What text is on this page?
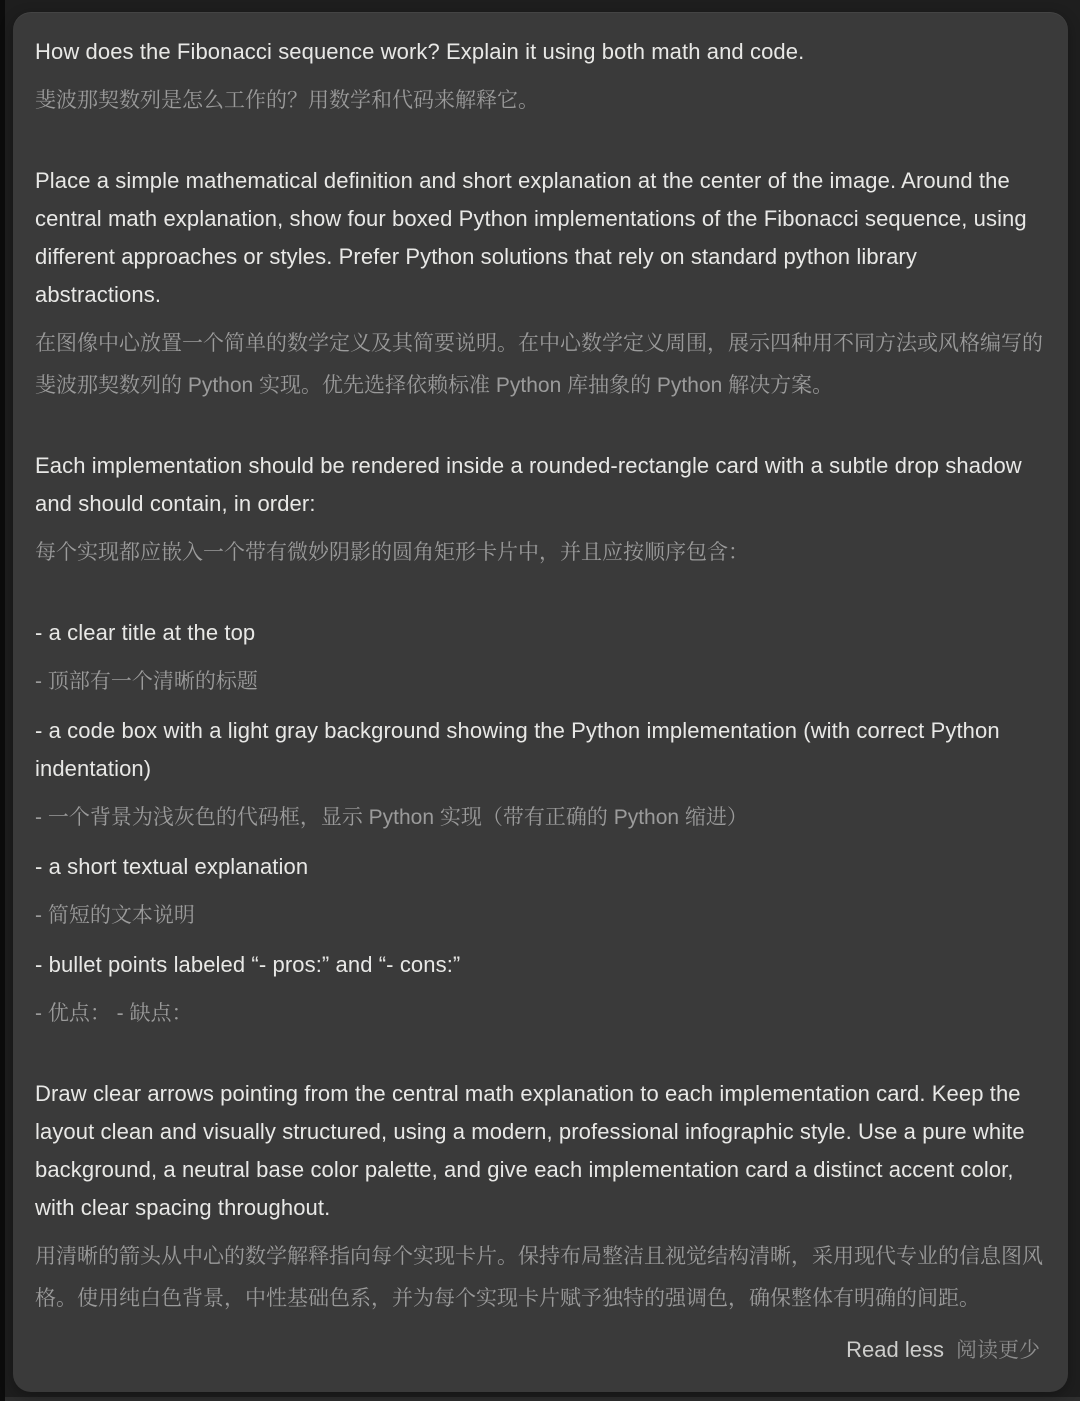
How does the Fibonacci sequence work? Explain it using both math and code.

斐波那契数列是怎么工作的？用数学和代码来解释它。

Place a simple mathematical definition and short explanation at the center of the image. Around the central math explanation, show four boxed Python implementations of the Fibonacci sequence, using different approaches or styles. Prefer Python solutions that rely on standard python library abstractions.

在图像中心放置一个简单的数学定义及其简要说明。在中心数学定义周围，展示四种用不同方法或风格编写的斐波那契数列的 Python 实现。优先选择依赖标准 Python 库抽象的 Python 解决方案。

Each implementation should be rendered inside a rounded-rectangle card with a subtle drop shadow and should contain, in order:

每个实现都应嵌入一个带有微妙阴影的圆角矩形卡片中，并且应按顺序包含：

- a clear title at the top

- 顶部有一个清晰的标题

- a code box with a light gray background showing the Python implementation (with correct Python indentation)

- 一个背景为浅灰色的代码框，显示 Python 实现（带有正确的 Python 缩进）

- a short textual explanation

- 简短的文本说明

- bullet points labeled “- pros:” and “- cons:”

- 优点： - 缺点：

Draw clear arrows pointing from the central math explanation to each implementation card. Keep the layout clean and visually structured, using a modern, professional infographic style. Use a pure white background, a neutral base color palette, and give each implementation card a distinct accent color, with clear spacing throughout.

用清晰的箭头从中心的数学解释指向每个实现卡片。保持布局整洁且视觉结构清晰，采用现代专业的信息图风格。使用纯白色背景，中性基础色系，并为每个实现卡片赋予独特的强调色，确保整体有明确的间距。

Read less 阅读更少
